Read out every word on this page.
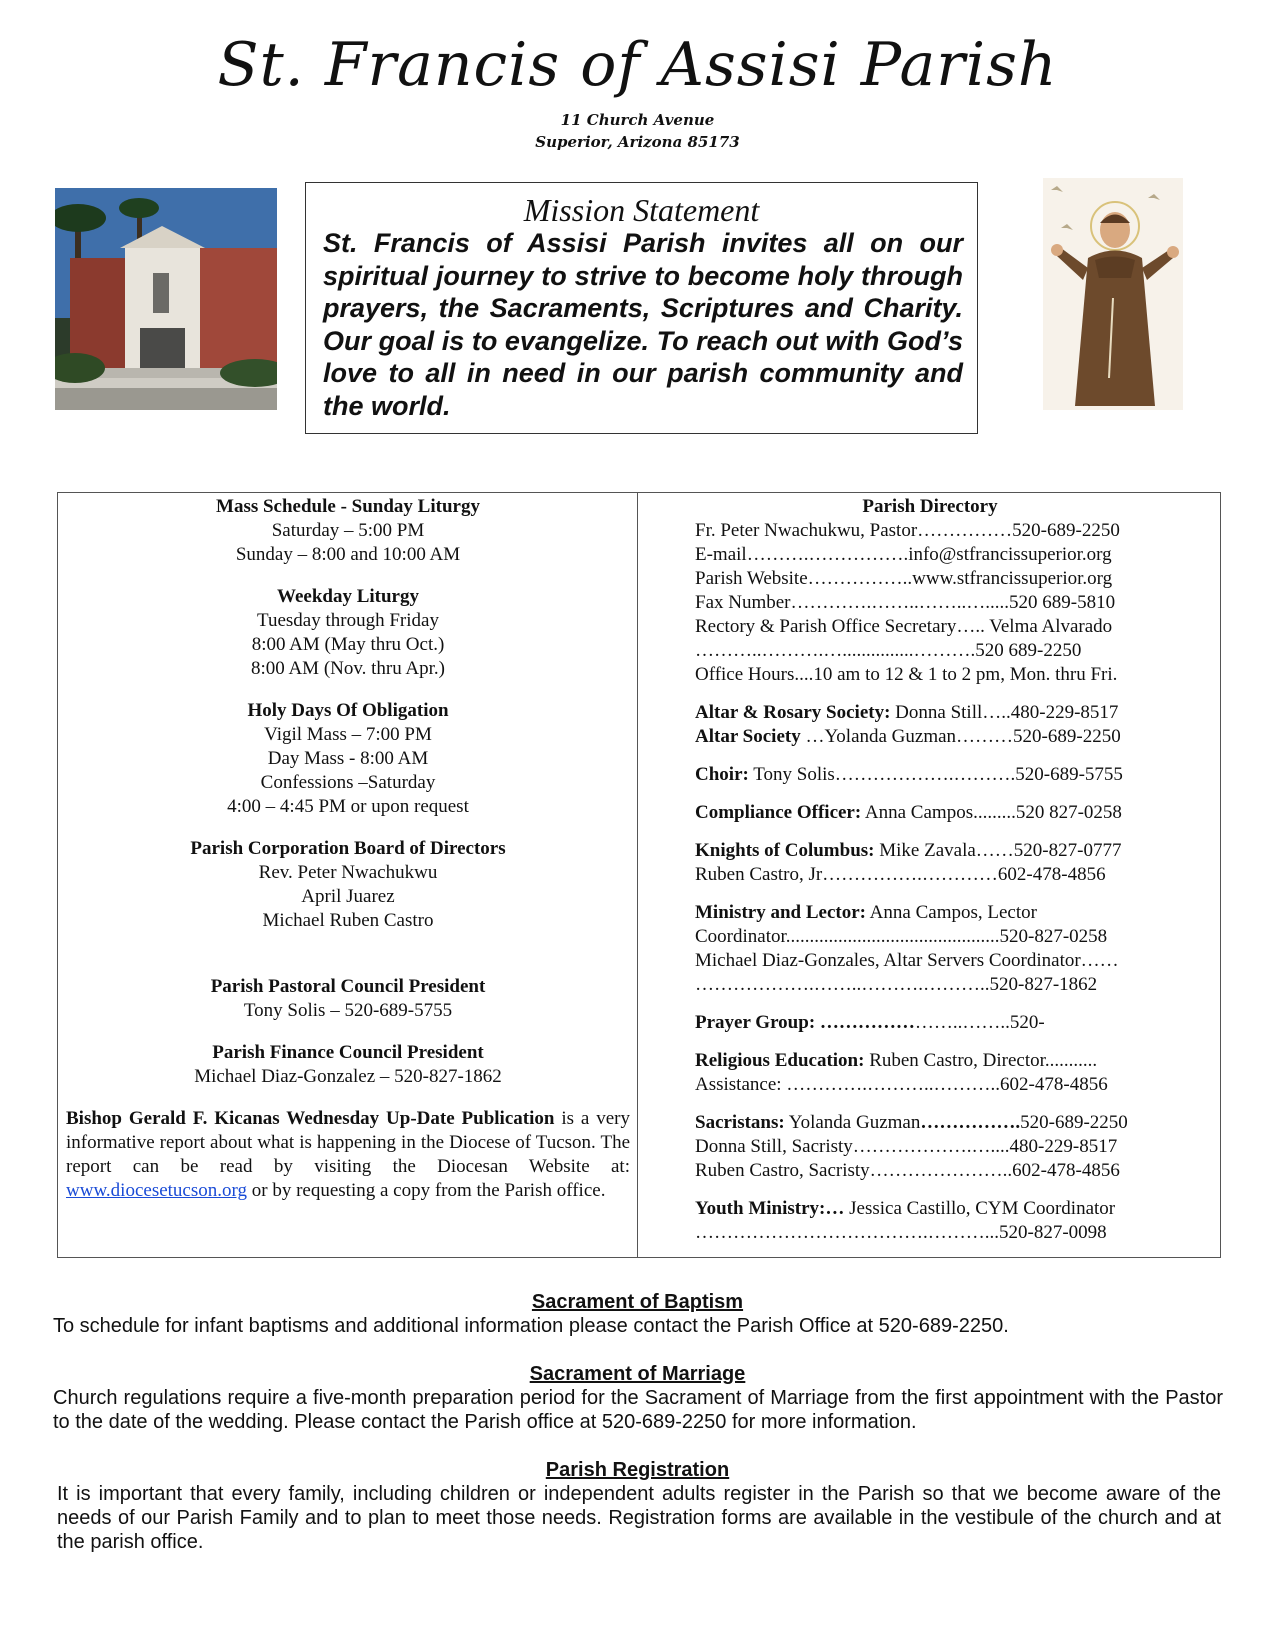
St. Francis of Assisi Parish
11 Church Avenue
Superior, Arizona 85173
Mission Statement
St. Francis of Assisi Parish invites all on our spiritual journey to strive to become holy through prayers, the Sacraments, Scriptures and Charity. Our goal is to evangelize. To reach out with God’s love to all in need in our parish community and the world.
Mass Schedule - Sunday Liturgy
Saturday – 5:00 PM
Sunday – 8:00 and 10:00 AM
Weekday Liturgy
Tuesday through Friday
8:00 AM (May thru Oct.)
8:00 AM (Nov. thru Apr.)
Holy Days Of Obligation
Vigil Mass – 7:00 PM
Day Mass - 8:00 AM
Confessions –Saturday
4:00 – 4:45 PM or upon request
Parish Corporation Board of Directors
Rev. Peter Nwachukwu
April Juarez
Michael Ruben Castro
Parish Pastoral Council President
Tony Solis – 520-689-5755
Parish Finance Council President
Michael Diaz-Gonzalez – 520-827-1862
Bishop Gerald F. Kicanas Wednesday Up-Date Publication is a very informative report about what is happening in the Diocese of Tucson. The report can be read by visiting the Diocesan Website at: www.diocesetucson.org or by requesting a copy from the Parish office.
Parish Directory
Fr. Peter Nwachukwu, Pastor……………520-689-2250
E-mail……….…………….info@stfrancissuperior.org
Parish Website……………..www.stfrancissuperior.org
Fax Number………….……..……..….....520 689-5810
Rectory & Parish Office Secretary….. Velma Alvarado
………..……….…...............……….520 689-2250
Office Hours....10 am to 12 & 1 to 2 pm, Mon. thru Fri.
Altar & Rosary Society: Donna Still…..480-229-8517
Altar Society …Yolanda Guzman………520-689-2250
Choir: Tony Solis……………….……….520-689-5755
Compliance Officer: Anna Campos.........520 827-0258
Knights of Columbus: Mike Zavala……520-827-0777
Ruben Castro, Jr…………….…………602-478-4856
Ministry and Lector: Anna Campos, Lector
Coordinator.............................................520-827-0258
Michael Diaz-Gonzales, Altar Servers Coordinator……
……………….……..……….………..520-827-1862
Prayer Group: …………………..……..520-
Religious Education: Ruben Castro, Director...........
Assistance: ………….………..………..602-478-4856
Sacristans: Yolanda Guzman…………….520-689-2250
Donna Still, Sacristy……………….…....480-229-8517
Ruben Castro, Sacristy…………………..602-478-4856
Youth Ministry:… Jessica Castillo, CYM Coordinator
……………………………….………...520-827-0098
Sacrament of Baptism
To schedule for infant baptisms and additional information please contact the Parish Office at 520-689-2250.
Sacrament of Marriage
Church regulations require a five-month preparation period for the Sacrament of Marriage from the first appointment with the Pastor to the date of the wedding. Please contact the Parish office at 520-689-2250 for more information.
Parish Registration
It is important that every family, including children or independent adults register in the Parish so that we become aware of the needs of our Parish Family and to plan to meet those needs. Registration forms are available in the vestibule of the church and at the parish office.
